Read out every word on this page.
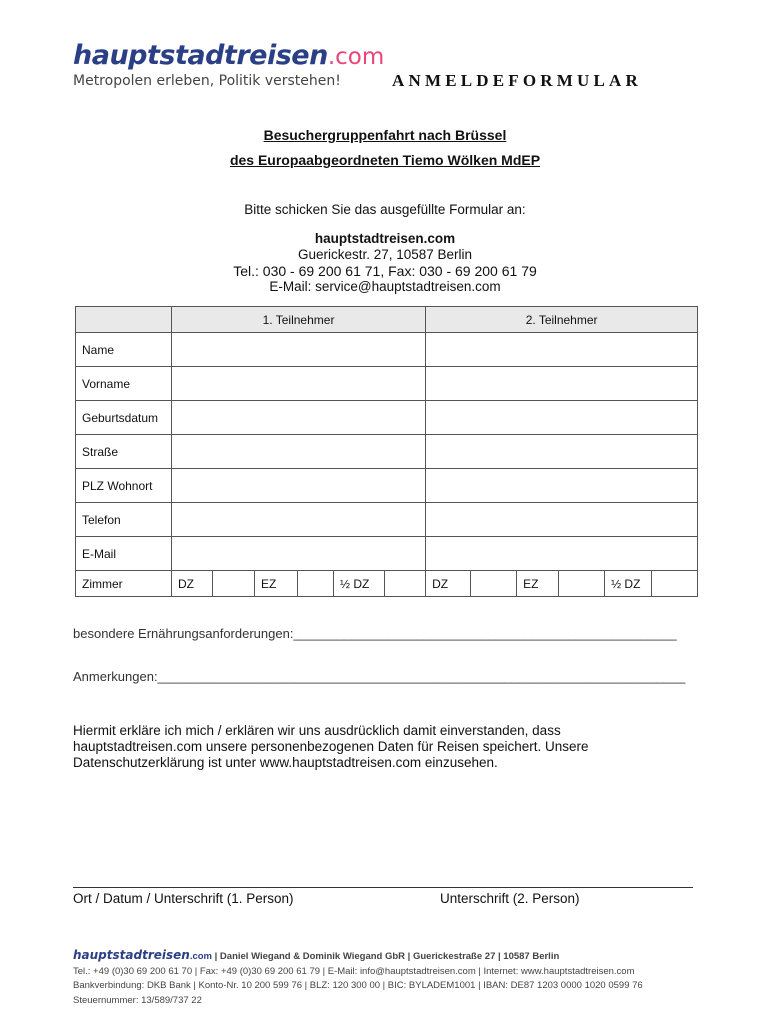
hauptstadtreisen.com
Metropolen erleben, Politik verstehen!	ANMELDEFORMULAR
Besuchergruppenfahrt nach Brüssel
des Europaabgeordneten Tiemo Wölken MdEP
Bitte schicken Sie das ausgefüllte Formular an:
hauptstadtreisen.com
Guerickestr. 27, 10587 Berlin
Tel.: 030 - 69 200 61 71, Fax: 030 - 69 200 61 79
E-Mail: service@hauptstadtreisen.com
	1. Teilnehmer						2. Teilnehmer					
Name												
Vorname												
Geburtsdatum												
Straße												
PLZ Wohnort												
Telefon												
E-Mail												
Zimmer	DZ		EZ		½ DZ		DZ		EZ		½ DZ	
besondere Ernährungsanforderungen:_____________________________________________________
Anmerkungen:_________________________________________________________________________
Hiermit erkläre ich mich / erklären wir uns ausdrücklich damit einverstanden, dass hauptstadtreisen.com unsere personenbezogenen Daten für Reisen speichert. Unsere Datenschutzerklärung ist unter www.hauptstadtreisen.com einzusehen.
Ort / Datum / Unterschrift (1. Person)	Unterschrift (2. Person)
hauptstadtreisen.com | Daniel Wiegand & Dominik Wiegand GbR | Guerickestraße 27 | 10587 Berlin
Tel.: +49 (0)30 69 200 61 70 | Fax: +49 (0)30 69 200 61 79 | E-Mail: info@hauptstadtreisen.com | Internet: www.hauptstadtreisen.com
Bankverbindung: DKB Bank | Konto-Nr. 10 200 599 76 | BLZ: 120 300 00 | BIC: BYLADEM1001 | IBAN: DE87 1203 0000 1020 0599 76
Steuernummer: 13/589/737 22
